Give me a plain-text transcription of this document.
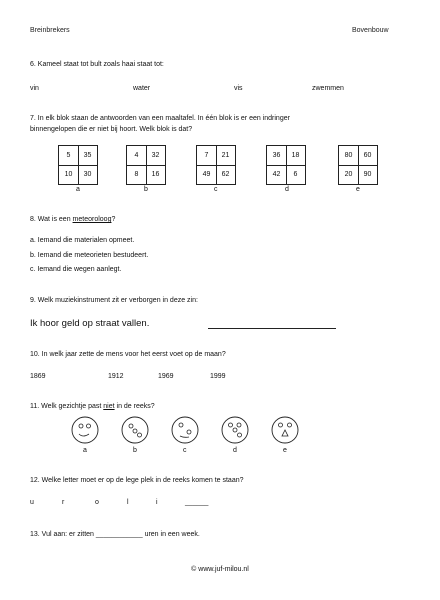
Breinbrekers	Bovenbouw
6. Kameel staat tot bult zoals haai staat tot:
vin	water	vis	zwemmen
7. In elk blok staan de antwoorden van een maaltafel. In één blok is er een indringer
binnengelopen die er niet bij hoort. Welk blok is dat?
5	35
10	30
4	32
8	16
7	21
49	62
36	18
42	6
80	60
20	90
a	b	c	d	e
8. Wat is een meteoroloog?
a. Iemand die materialen opmeet.
b. Iemand die meteorieten bestudeert.
c. Iemand die wegen aanlegt.
9. Welk muziekinstrument zit er verborgen in deze zin:
Ik hoor geld op straat vallen.
10. In welk jaar zette de mens voor het eerst voet op de maan?
1869	1912	1969	1999
11. Welk gezichtje past niet in de reeks?
a	b	c	d	e
12. Welke letter moet er op de lege plek in de reeks komen te staan?
u	r	o	l	i	______
13. Vul aan: er zitten ____________ uren in een week.
© www.juf-milou.nl
